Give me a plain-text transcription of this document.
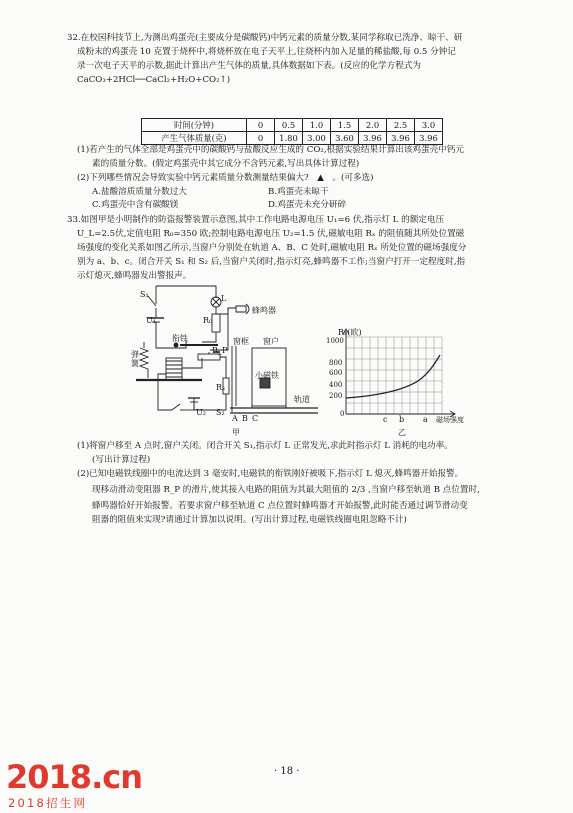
32.在校园科技节上,为测出鸡蛋壳(主要成分是碳酸钙)中钙元素的质量分数,某同学称取已洗净、晾干、研
成粉末的鸡蛋壳 10 克置于烧杯中,将烧杯放在电子天平上,往烧杯内加入足量的稀盐酸,每 0.5 分钟记
录一次电子天平的示数,据此计算出产生气体的质量,具体数据如下表。(反应的化学方程式为
CaCO₃+2HCl──CaCl₂+H₂O+CO₂↑)
时间(分钟)	0	0.5	1.0	1.5	2.0	2.5	3.0
产生气体质量(克)	0	1.80	3.00	3.60	3.96	3.96	3.96
(1)若产生的气体全部是鸡蛋壳中的碳酸钙与盐酸反应生成的 CO₂,根据实验结果计算出该鸡蛋壳中钙元
素的质量分数。(假定鸡蛋壳中其它成分不含钙元素,写出具体计算过程)
(2)下列哪些情况会导致实验中钙元素质量分数测量结果偏大?　▲　。(可多选)
A.盐酸溶质质量分数过大	B.鸡蛋壳未晾干
C.鸡蛋壳中含有碳酸镁	D.鸡蛋壳未充分研碎
33.如图甲是小明制作的防盗报警装置示意图,其中工作电路电源电压 U₁=6 伏,指示灯 L 的额定电压
U_L=2.5伏,定值电阻 R₀=350 欧;控制电路电源电压 U₂=1.5 伏,磁敏电阻 Rₓ 的阻值随其所处位置磁
场强度的变化关系如图乙所示,当窗户分别处在轨道 A、B、C 处时,磁敏电阻 Rₓ 所处位置的磁场强度分
别为 a、b、c。闭合开关 S₁ 和 S₂ 后,当窗户关闭时,指示灯亮,蜂鸣器不工作;当窗户打开一定程度时,指
示灯熄灭,蜂鸣器发出警报声。
S₁	L
U₁	R₀
蜂鸣器
衔铁
弹簧
R_P
Rₓ
U₂ S₂
窗框 窗户
小磁铁
轨道
A B C
甲
Rₓ(欧)
1000
800
600
400
200
0
c b a 磁场强度
乙
(1)将窗户移至 A 点时,窗户关闭。闭合开关 S₁,指示灯 L 正常发光,求此时指示灯 L 消耗的电功率。
(写出计算过程)
(2)已知电磁铁线圈中的电流达到 3 毫安时,电磁铁的衔铁刚好被吸下,指示灯 L 熄灭,蜂鸣器开始报警。
现移动滑动变阻器 R_P 的滑片,使其接入电路的阻值为其最大阻值的 2/3 ,当窗户移至轨道 B 点位置时,
蜂鸣器恰好开始报警。若要求窗户移至轨道 C 点位置时蜂鸣器才开始报警,此时能否通过调节滑动变
阻器的阻值来实现?请通过计算加以说明。(写出计算过程,电磁铁线圈电阻忽略不计)
· 18 ·
2018.cn
2018招生网
